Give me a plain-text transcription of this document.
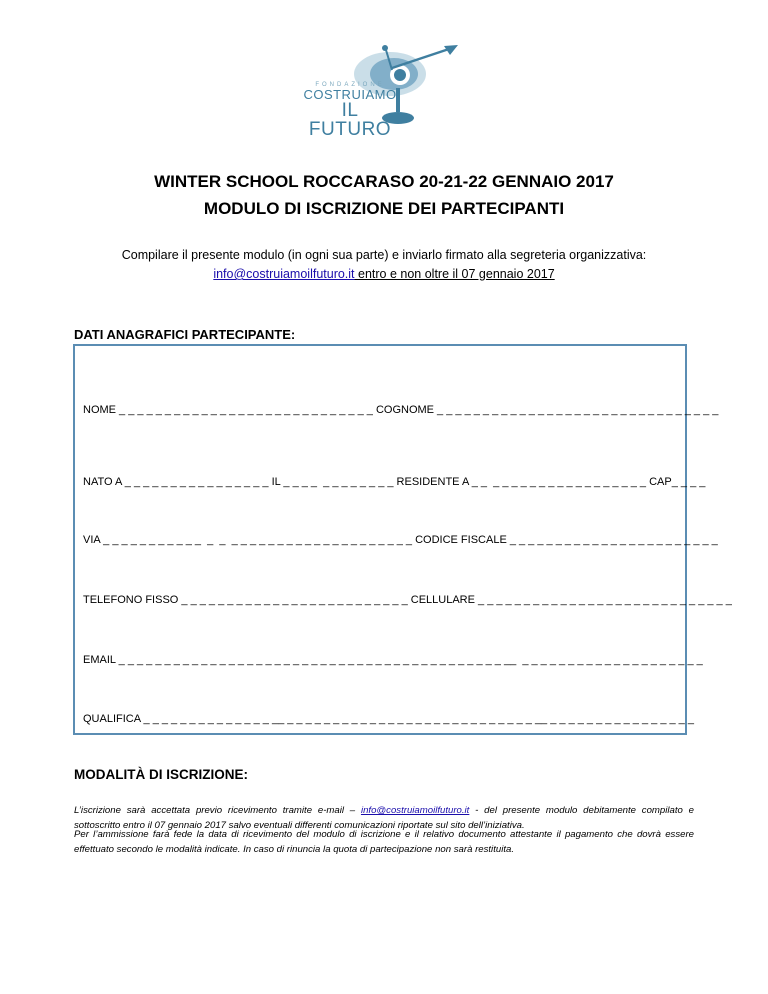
FONDAZIONE
COSTRUIAMO
IL FUTURO
WINTER SCHOOL ROCCARASO 20-21-22 GENNAIO 2017
MODULO DI ISCRIZIONE DEI PARTECIPANTI
Compilare il presente modulo (in ogni sua parte) e inviarlo firmato alla segreteria organizzativa:
info@costruiamoilfuturo.it entro e non oltre il 07 gennaio 2017
DATI ANAGRAFICI PARTECIPANTE:
NOME _ _ _ _ _ _ _ _ _ _ _ _ _ _ _ _ _ _ _ _ _ _ _ _ _ _ _ _ COGNOME _ _ _ _ _ _ _ _ _ _ _ _ _ _ _ _ _ _ _ _ _ _ _ _ _ _ _ _ _ _ _
NATO A _ _ _ _ _ _ _ _ _ _ _ _ _ _ _ _ IL _ _ _ _  _ _ _ _ _ _ _ _ RESIDENTE A _ _  _ _ _ _ _ _ _ _ _ _ _ _ _ _ _ _ _ CAP_ _ _ _
VIA _ _ _ _ _ _ _ _ _ _ _  _  _  _ _ _ _ _ _ _ _ _ _ _ _ _ _ _ _ _ _ _ _ CODICE FISCALE _ _ _ _ _ _ _ _ _ _ _ _ _ _ _ _ _ _ _ _ _ _ _
TELEFONO FISSO _ _ _ _ _ _ _ _ _ _ _ _ _ _ _ _ _ _ _ _ _ _ _ _ _ CELLULARE _ _ _ _ _ _ _ _ _ _ _ _ _ _ _ _ _ _ _ _ _ _ _ _ _ _ _ _
EMAIL _ _ _ _ _ _ _ _ _ _ _ _ _ _ _ _ _ _ _ _ _ _ _ _ _ _ _ _ _ _ _ _ _ _ _ _ _ _ _ _ _ _ __  _ _ _ _ _ _ _ _ _ _ _ _ _ _ _ _ _ _ _ _
QUALIFICA _ _ _ _ _ _ _ _ _ _ _ _ _ _ __ _ _ _ _ _ _ _ _ _ _ _ _ _ _ _ _ _ _ _ _ _ _ _ _ _ _ _ __ _ _ _ _ _ _ _ _ _ _ _ _ _ _ _ _
MODALITÀ DI ISCRIZIONE:
L’iscrizione sarà accettata previo ricevimento tramite e-mail – info@costruiamoilfuturo.it - del presente modulo debitamente compilato e sottoscritto entro il 07 gennaio 2017 salvo eventuali differenti comunicazioni riportate sul sito dell’iniziativa.
Per l’ammissione farà fede la data di ricevimento del modulo di iscrizione e il relativo documento attestante il pagamento che dovrà essere effettuato secondo le modalità indicate. In caso di rinuncia la quota di partecipazione non sarà restituita.
